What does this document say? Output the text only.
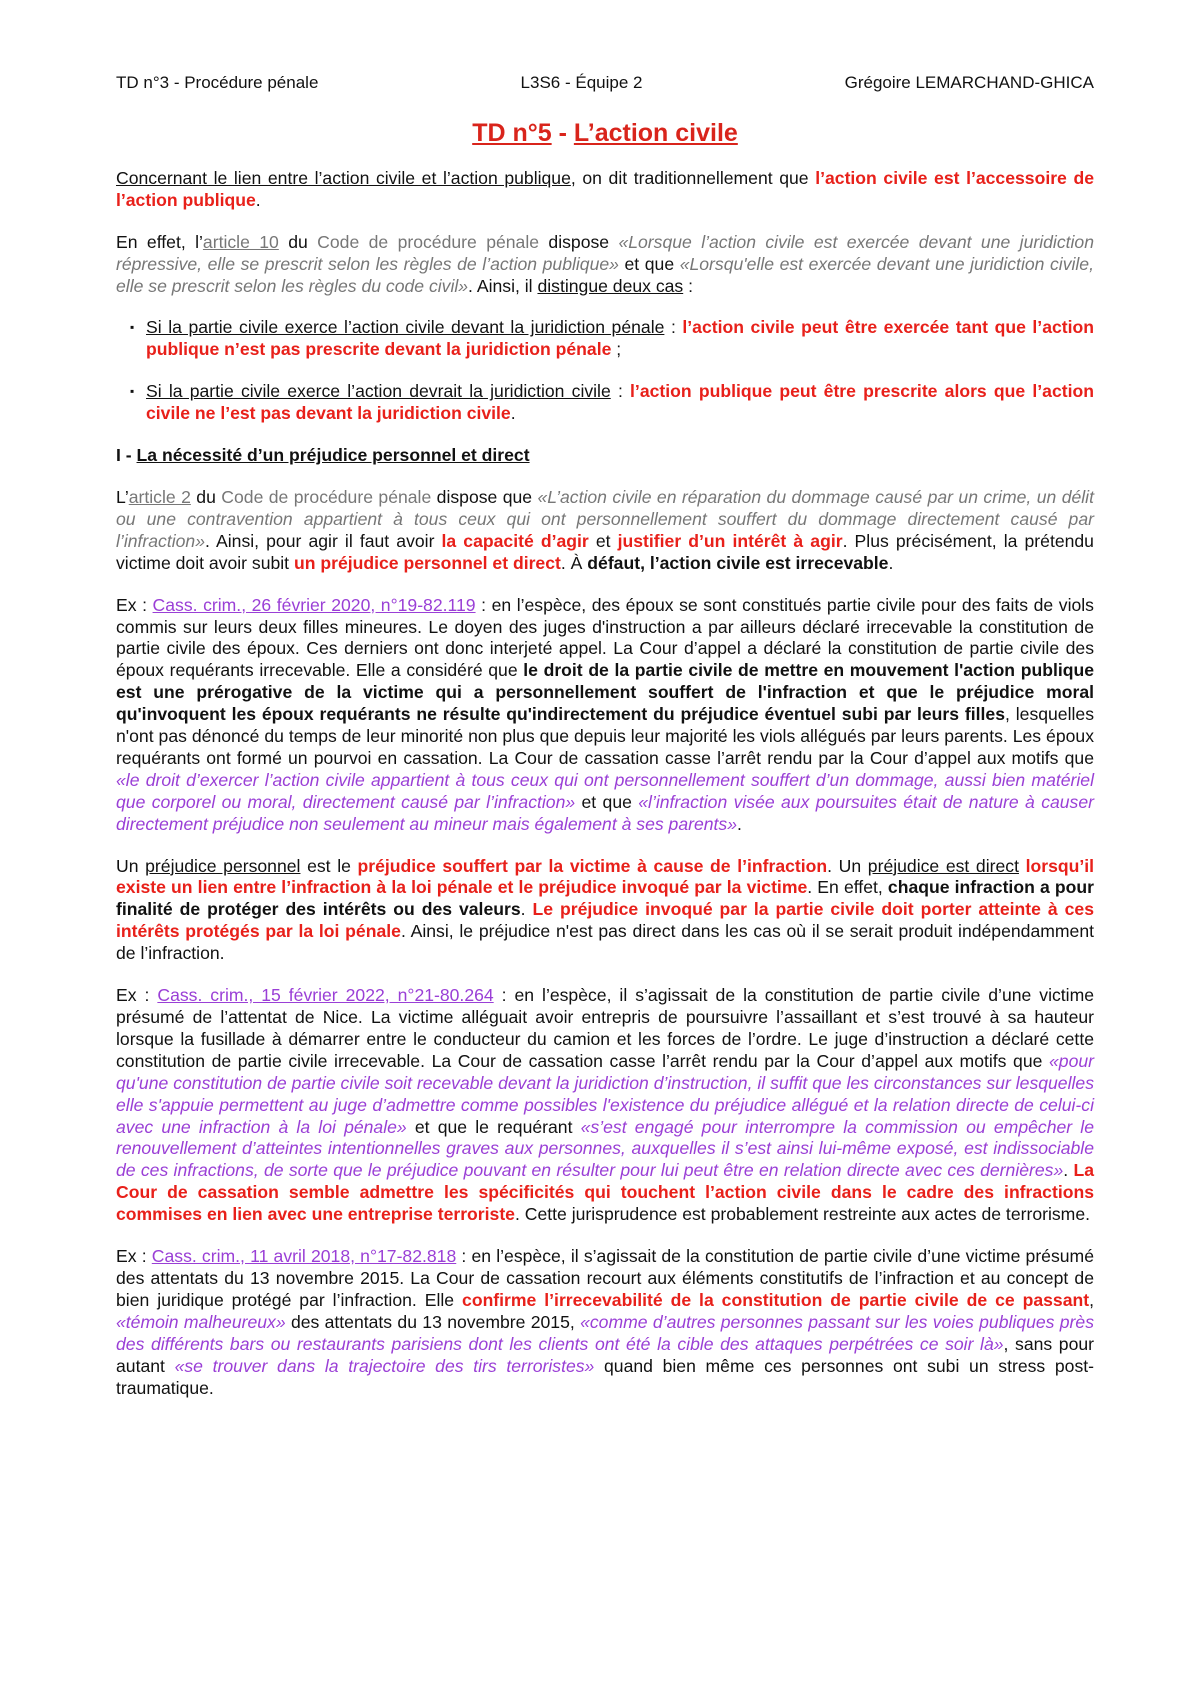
TD n°3 - Procédure pénale	L3S6 - Équipe 2	Grégoire LEMARCHAND-GHICA
TD n°5 - L’action civile

Concernant le lien entre l’action civile et l’action publique, on dit traditionnellement que l’action civile est l’accessoire de l’action publique.

En effet, l’article 10 du Code de procédure pénale dispose «Lorsque l’action civile est exercée devant une juridiction répressive, elle se prescrit selon les règles de l’action publique» et que «Lorsqu'elle est exercée devant une juridiction civile, elle se prescrit selon les règles du code civil». Ainsi, il distingue deux cas :

▪ Si la partie civile exerce l’action civile devant la juridiction pénale : l’action civile peut être exercée tant que l’action publique n’est pas prescrite devant la juridiction pénale ;
▪ Si la partie civile exerce l’action devrait la juridiction civile : l’action publique peut être prescrite alors que l’action civile ne l’est pas devant la juridiction civile.
I - La nécessité d’un préjudice personnel et direct

L’article 2 du Code de procédure pénale dispose que «L’action civile en réparation du dommage causé par un crime, un délit ou une contravention appartient à tous ceux qui ont personnellement souffert du dommage directement causé par l’infraction». Ainsi, pour agir il faut avoir la capacité d’agir et justifier d’un intérêt à agir. Plus précisément, la prétendu victime doit avoir subit un préjudice personnel et direct. À défaut, l’action civile est irrecevable.

Ex : Cass. crim., 26 février 2020, n°19-82.119 : en l’espèce, des époux se sont constitués partie civile pour des faits de viols commis sur leurs deux filles mineures. Le doyen des juges d'instruction a par ailleurs déclaré irrecevable la constitution de partie civile des époux. Ces derniers ont donc interjeté appel. La Cour d’appel a déclaré la constitution de partie civile des époux requérants irrecevable. Elle a considéré que le droit de la partie civile de mettre en mouvement l'action publique est une prérogative de la victime qui a personnellement souffert de l'infraction et que le préjudice moral qu'invoquent les époux requérants ne résulte qu'indirectement du préjudice éventuel subi par leurs filles, lesquelles n'ont pas dénoncé du temps de leur minorité non plus que depuis leur majorité les viols allégués par leurs parents. Les époux requérants ont formé un pourvoi en cassation. La Cour de cassation casse l’arrêt rendu par la Cour d’appel aux motifs que «le droit d’exercer l’action civile appartient à tous ceux qui ont personnellement souffert d’un dommage, aussi bien matériel que corporel ou moral, directement causé par l’infraction» et que «l’infraction visée aux poursuites était de nature à causer directement préjudice non seulement au mineur mais également à ses parents».

Un préjudice personnel est le préjudice souffert par la victime à cause de l’infraction. Un préjudice est direct lorsqu’il existe un lien entre l’infraction à la loi pénale et le préjudice invoqué par la victime. En effet, chaque infraction a pour finalité de protéger des intérêts ou des valeurs. Le préjudice invoqué par la partie civile doit porter atteinte à ces intérêts protégés par la loi pénale. Ainsi, le préjudice n'est pas direct dans les cas où il se serait produit indépendamment de l’infraction.

Ex : Cass. crim., 15 février 2022, n°21-80.264 : en l’espèce, il s’agissait de la constitution de partie civile d’une victime présumé de l’attentat de Nice. La victime alléguait avoir entrepris de poursuivre l’assaillant et s’est trouvé à sa hauteur lorsque la fusillade à démarrer entre le conducteur du camion et les forces de l’ordre. Le juge d’instruction a déclaré cette constitution de partie civile irrecevable. La Cour de cassation casse l’arrêt rendu par la Cour d’appel aux motifs que «pour qu'une constitution de partie civile soit recevable devant la juridiction d’instruction, il suffit que les circonstances sur lesquelles elle s'appuie permettent au juge d’admettre comme possibles l'existence du préjudice allégué et la relation directe de celui-ci avec une infraction à la loi pénale» et que le requérant «s’est engagé pour interrompre la commission ou empêcher le renouvellement d’atteintes intentionnelles graves aux personnes, auxquelles il s’est ainsi lui-même exposé, est indissociable de ces infractions, de sorte que le préjudice pouvant en résulter pour lui peut être en relation directe avec ces dernières». La Cour de cassation semble admettre les spécificités qui touchent l’action civile dans le cadre des infractions commises en lien avec une entreprise terroriste. Cette jurisprudence est probablement restreinte aux actes de terrorisme.

Ex : Cass. crim., 11 avril 2018, n°17-82.818 : en l’espèce, il s’agissait de la constitution de partie civile d’une victime présumé des attentats du 13 novembre 2015. La Cour de cassation recourt aux éléments constitutifs de l’infraction et au concept de bien juridique protégé par l’infraction. Elle confirme l’irrecevabilité de la constitution de partie civile de ce passant, «témoin malheureux» des attentats du 13 novembre 2015, «comme d’autres personnes passant sur les voies publiques près des différents bars ou restaurants parisiens dont les clients ont été la cible des attaques perpétrées ce soir là», sans pour autant «se trouver dans la trajectoire des tirs terroristes» quand bien même ces personnes ont subi un stress post-traumatique.
